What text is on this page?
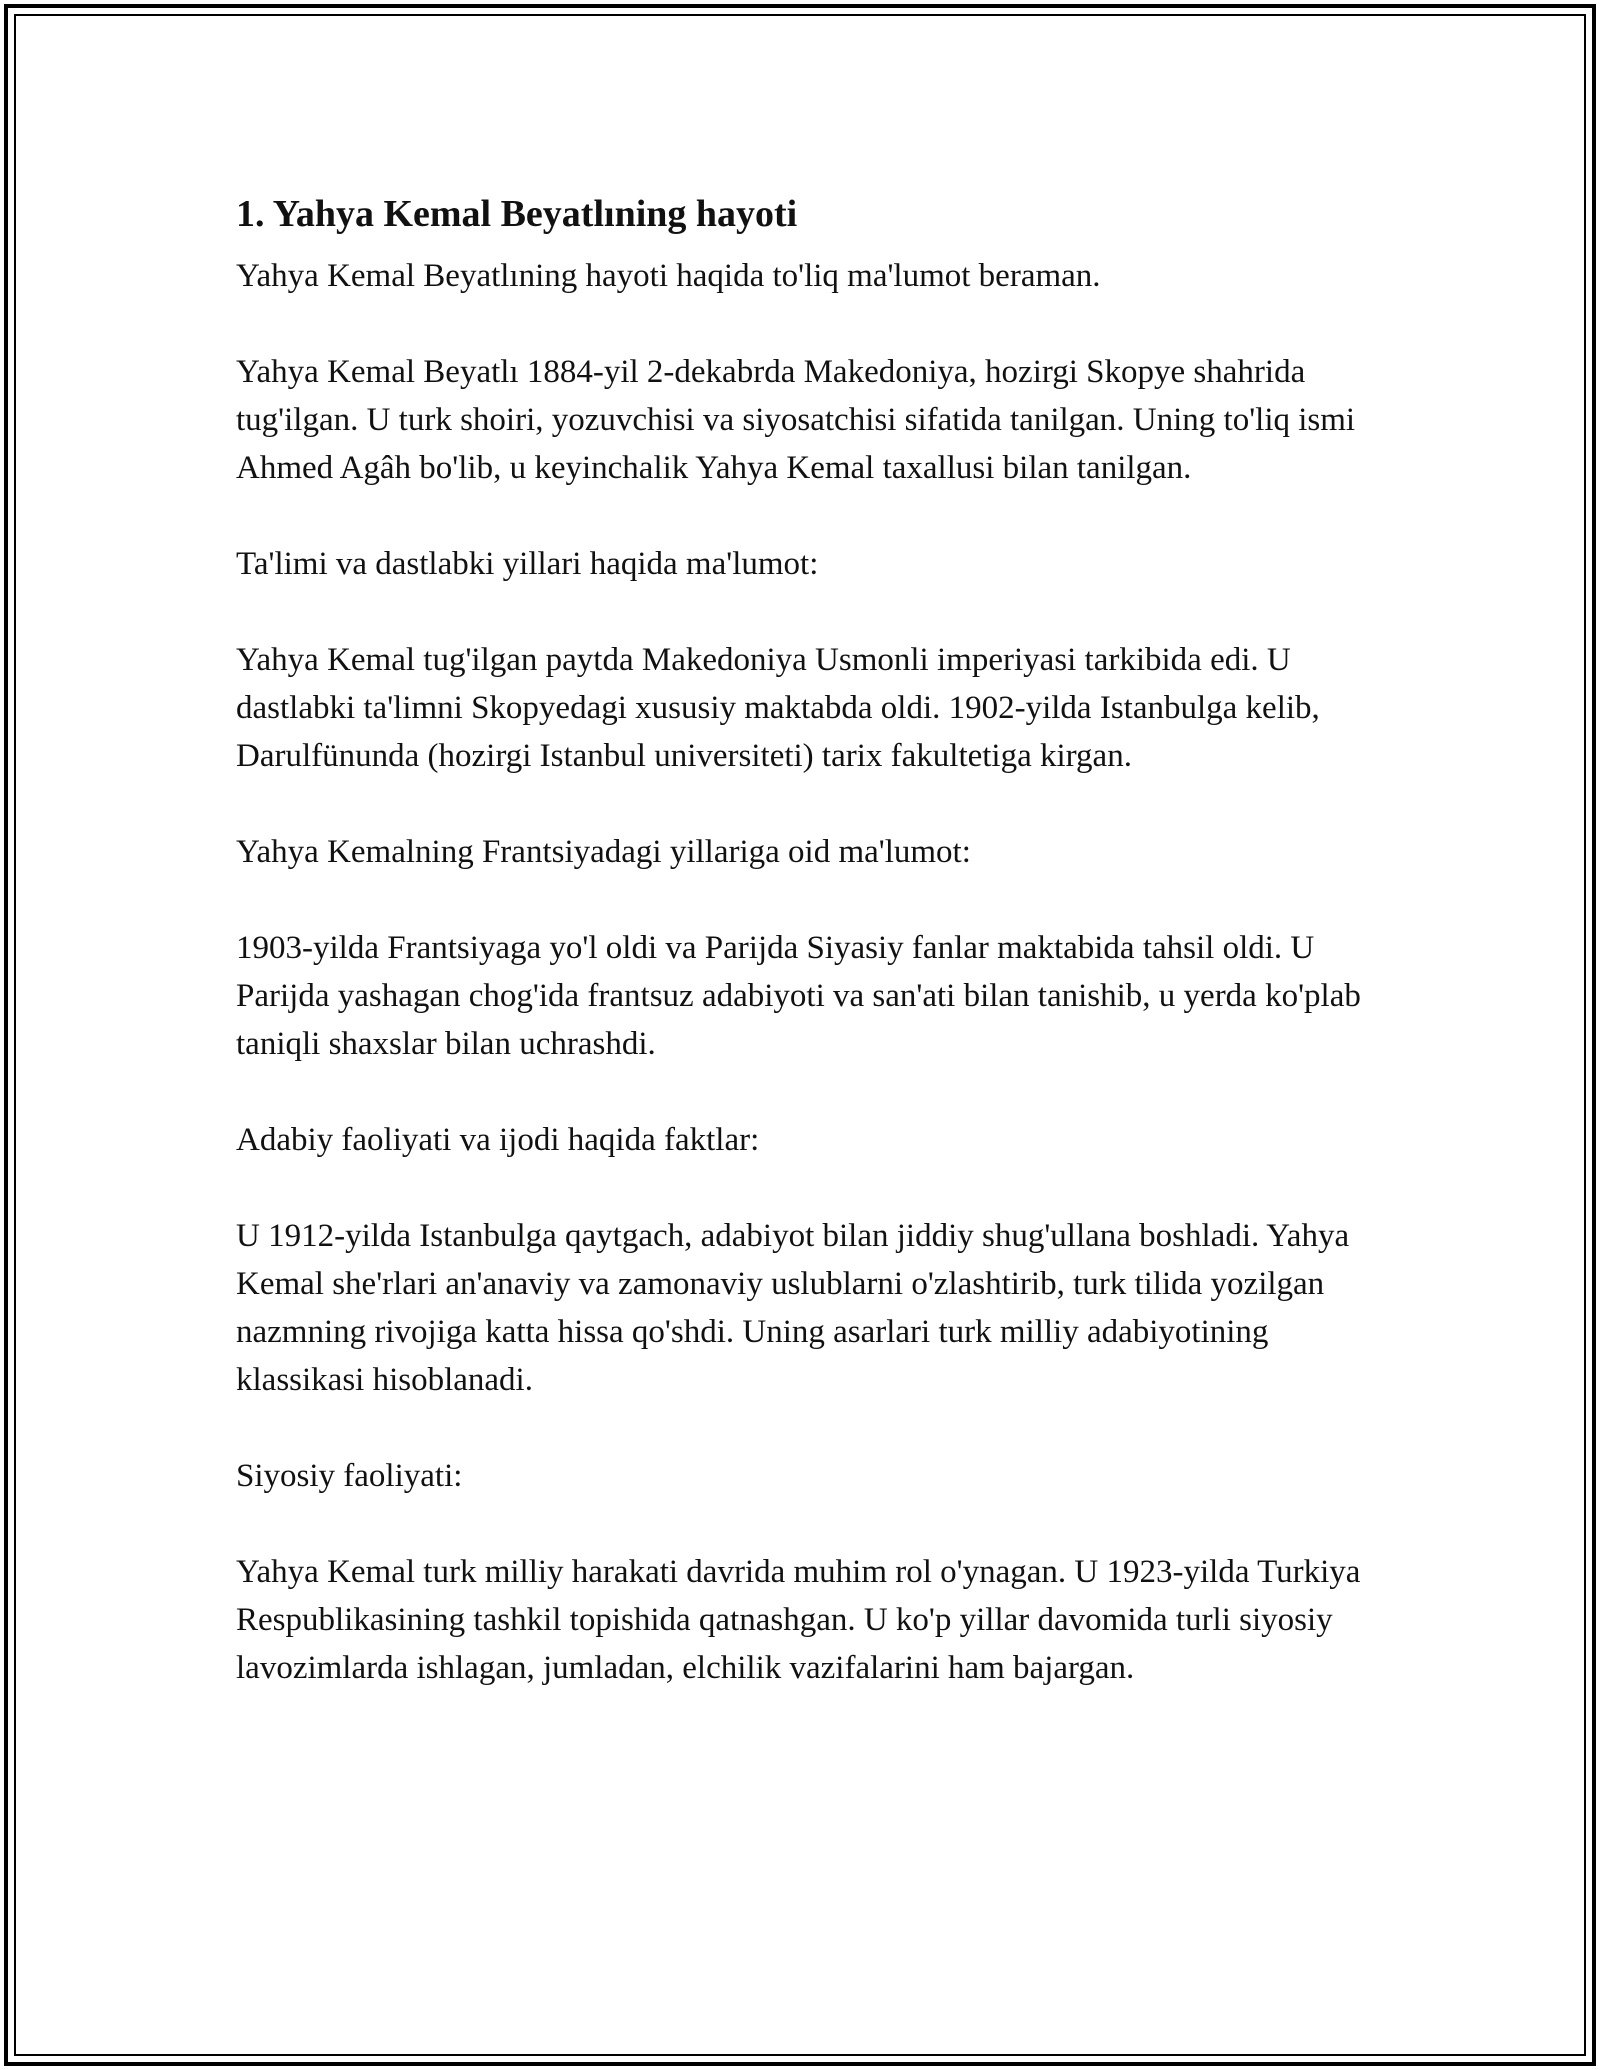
1. Yahya Kemal Beyatlıning hayoti

Yahya Kemal Beyatlıning hayoti haqida to'liq ma'lumot beraman.

Yahya Kemal Beyatlı 1884-yil 2-dekabrda Makedoniya, hozirgi Skopye shahrida tug'ilgan. U turk shoiri, yozuvchisi va siyosatchisi sifatida tanilgan. Uning to'liq ismi Ahmed Agâh bo'lib, u keyinchalik Yahya Kemal taxallusi bilan tanilgan.

Ta'limi va dastlabki yillari haqida ma'lumot:

Yahya Kemal tug'ilgan paytda Makedoniya Usmonli imperiyasi tarkibida edi. U dastlabki ta'limni Skopyedagi xususiy maktabda oldi. 1902-yilda Istanbulga kelib, Darulfünunda (hozirgi Istanbul universiteti) tarix fakultetiga kirgan.

Yahya Kemalning Frantsiyadagi yillariga oid ma'lumot:

1903-yilda Frantsiyaga yo'l oldi va Parijda Siyasiy fanlar maktabida tahsil oldi. U Parijda yashagan chog'ida frantsuz adabiyoti va san'ati bilan tanishib, u yerda ko'plab taniqli shaxslar bilan uchrashdi.

Adabiy faoliyati va ijodi haqida faktlar:

U 1912-yilda Istanbulga qaytgach, adabiyot bilan jiddiy shug'ullana boshladi. Yahya Kemal she'rlari an'anaviy va zamonaviy uslublarni o'zlashtirib, turk tilida yozilgan nazmning rivojiga katta hissa qo'shdi. Uning asarlari turk milliy adabiyotining klassikasi hisoblanadi.

Siyosiy faoliyati:

Yahya Kemal turk milliy harakati davrida muhim rol o'ynagan. U 1923-yilda Turkiya Respublikasining tashkil topishida qatnashgan. U ko'p yillar davomida turli siyosiy lavozimlarda ishlagan, jumladan, elchilik vazifalarini ham bajargan.
